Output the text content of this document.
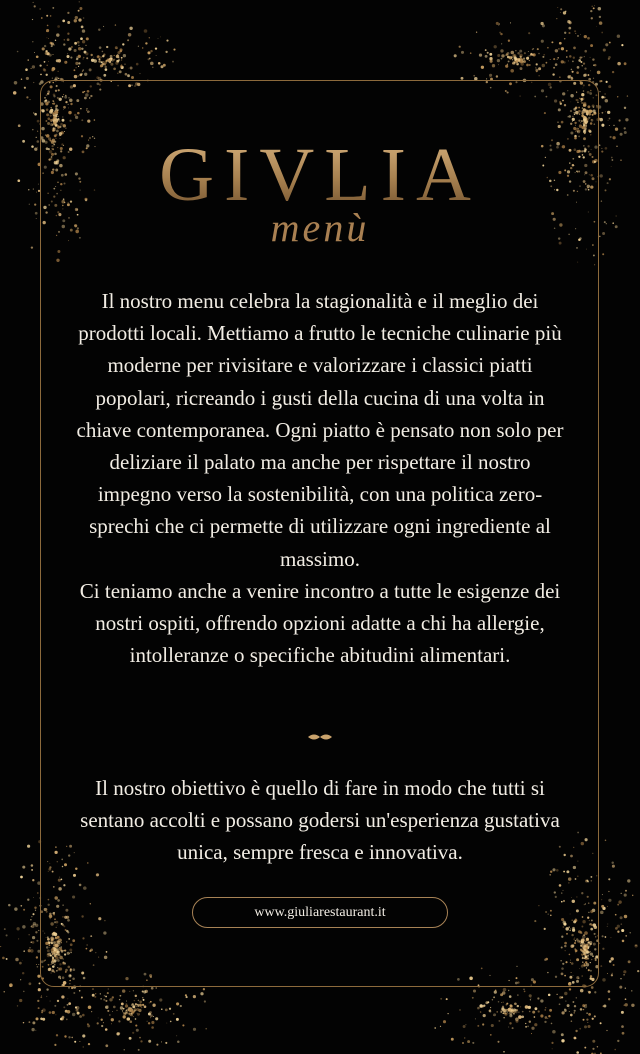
GIVLIA
menù

Il nostro menu celebra la stagionalità e il meglio dei prodotti locali. Mettiamo a frutto le tecniche culinarie più moderne per rivisitare e valorizzare i classici piatti popolari, ricreando i gusti della cucina di una volta in chiave contemporanea. Ogni piatto è pensato non solo per deliziare il palato ma anche per rispettare il nostro impegno verso la sostenibilità, con una politica zero-sprechi che ci permette di utilizzare ogni ingrediente al massimo.

Ci teniamo anche a venire incontro a tutte le esigenze dei nostri ospiti, offrendo opzioni adatte a chi ha allergie, intolleranze o specifiche abitudini alimentari.

Il nostro obiettivo è quello di fare in modo che tutti si sentano accolti e possano godersi un'esperienza gustativa unica, sempre fresca e innovativa.

www.giuliarestaurant.it
